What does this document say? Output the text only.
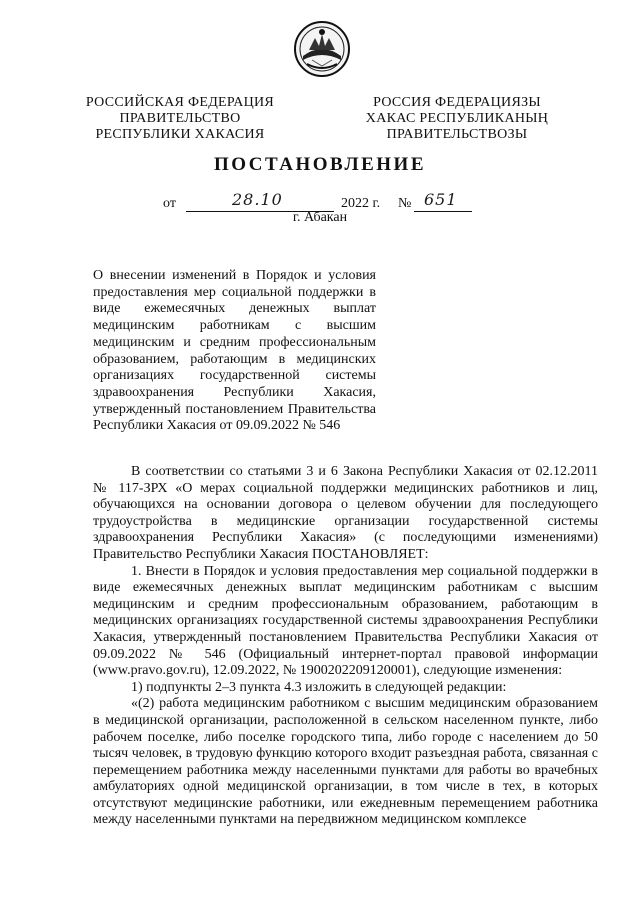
РОССИЙСКАЯ ФЕДЕРАЦИЯ
ПРАВИТЕЛЬСТВО
РЕСПУБЛИКИ ХАКАСИЯ
РОССИЯ ФЕДЕРАЦИЯЗЫ
ХАКАС РЕСПУБЛИКАНЫҢ
ПРАВИТЕЛЬСТВОЗЫ
ПОСТАНОВЛЕНИЕ
от	28.10	2022 г. № 651
г. Абакан
О внесении изменений в Порядок и условия предоставления мер социальной поддержки в виде ежемесячных денежных выплат медицинским работникам с высшим медицинским и средним профессиональным образованием, работающим в медицинских организациях государственной системы здравоохранения Республики Хакасия, утвержденный постановлением Правительства Республики Хакасия от 09.09.2022 № 546

В соответствии со статьями 3 и 6 Закона Республики Хакасия от 02.12.2011 № 117-ЗРХ «О мерах социальной поддержки медицинских работников и лиц, обучающихся на основании договора о целевом обучении для последующего трудоустройства в медицинские организации государственной системы здравоохранения Республики Хакасия» (с последующими изменениями) Правительство Республики Хакасия ПОСТАНОВЛЯЕТ:

1. Внести в Порядок и условия предоставления мер социальной поддержки в виде ежемесячных денежных выплат медицинским работникам с высшим медицинским и средним профессиональным образованием, работающим в медицинских организациях государственной системы здравоохранения Республики Хакасия, утвержденный постановлением Правительства Республики Хакасия от 09.09.2022 № 546 (Официальный интернет-портал правовой информации (www.pravo.gov.ru), 12.09.2022, № 1900202209120001), следующие изменения:

1) подпункты 2–3 пункта 4.3 изложить в следующей редакции:

«(2) работа медицинским работником с высшим медицинским образованием в медицинской организации, расположенной в сельском населенном пункте, либо рабочем поселке, либо поселке городского типа, либо городе с населением до 50 тысяч человек, в трудовую функцию которого входит разъездная работа, связанная с перемещением работника между населенными пунктами для работы во врачебных амбулаториях одной медицинской организации, в том числе в тех, в которых отсутствуют медицинские работники, или ежедневным перемещением работника между населенными пунктами на передвижном медицинском комплексе
